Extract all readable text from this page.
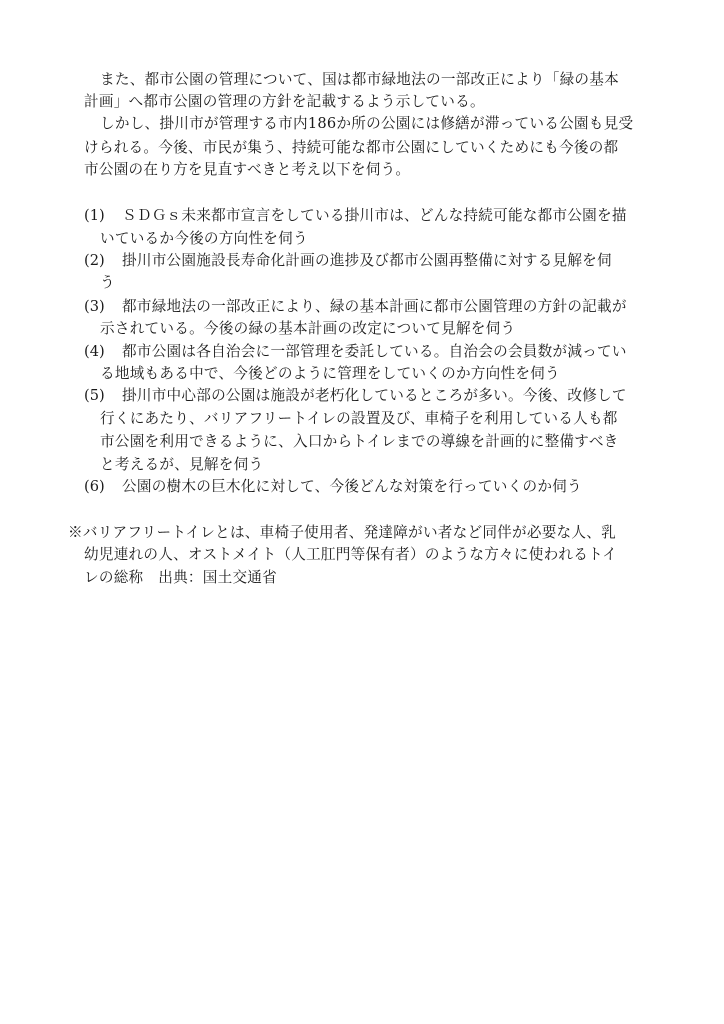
また、都市公園の管理について、国は都市緑地法の一部改正により「緑の基本
計画」へ都市公園の管理の方針を記載するよう示している。
しかし、掛川市が管理する市内186か所の公園には修繕が滞っている公園も見受
けられる。今後、市民が集う、持続可能な都市公園にしていくためにも今後の都
市公園の在り方を見直すべきと考え以下を伺う。
(1) ＳＤＧｓ未来都市宣言をしている掛川市は、どんな持続可能な都市公園を描
いているか今後の方向性を伺う
(2) 掛川市公園施設長寿命化計画の進捗及び都市公園再整備に対する見解を伺
う
(3) 都市緑地法の一部改正により、緑の基本計画に都市公園管理の方針の記載が
示されている。今後の緑の基本計画の改定について見解を伺う
(4) 都市公園は各自治会に一部管理を委託している。自治会の会員数が減ってい
る地域もある中で、今後どのように管理をしていくのか方向性を伺う
(5) 掛川市中心部の公園は施設が老朽化しているところが多い。今後、改修して
行くにあたり、バリアフリートイレの設置及び、車椅子を利用している人も都
市公園を利用できるように、入口からトイレまでの導線を計画的に整備すべき
と考えるが、見解を伺う
(6) 公園の樹木の巨木化に対して、今後どんな対策を行っていくのか伺う
※バリアフリートイレとは、車椅子使用者、発達障がい者など同伴が必要な人、乳
幼児連れの人、オストメイト（人工肛門等保有者）のような方々に使われるトイ
レの総称　出典：国土交通省
